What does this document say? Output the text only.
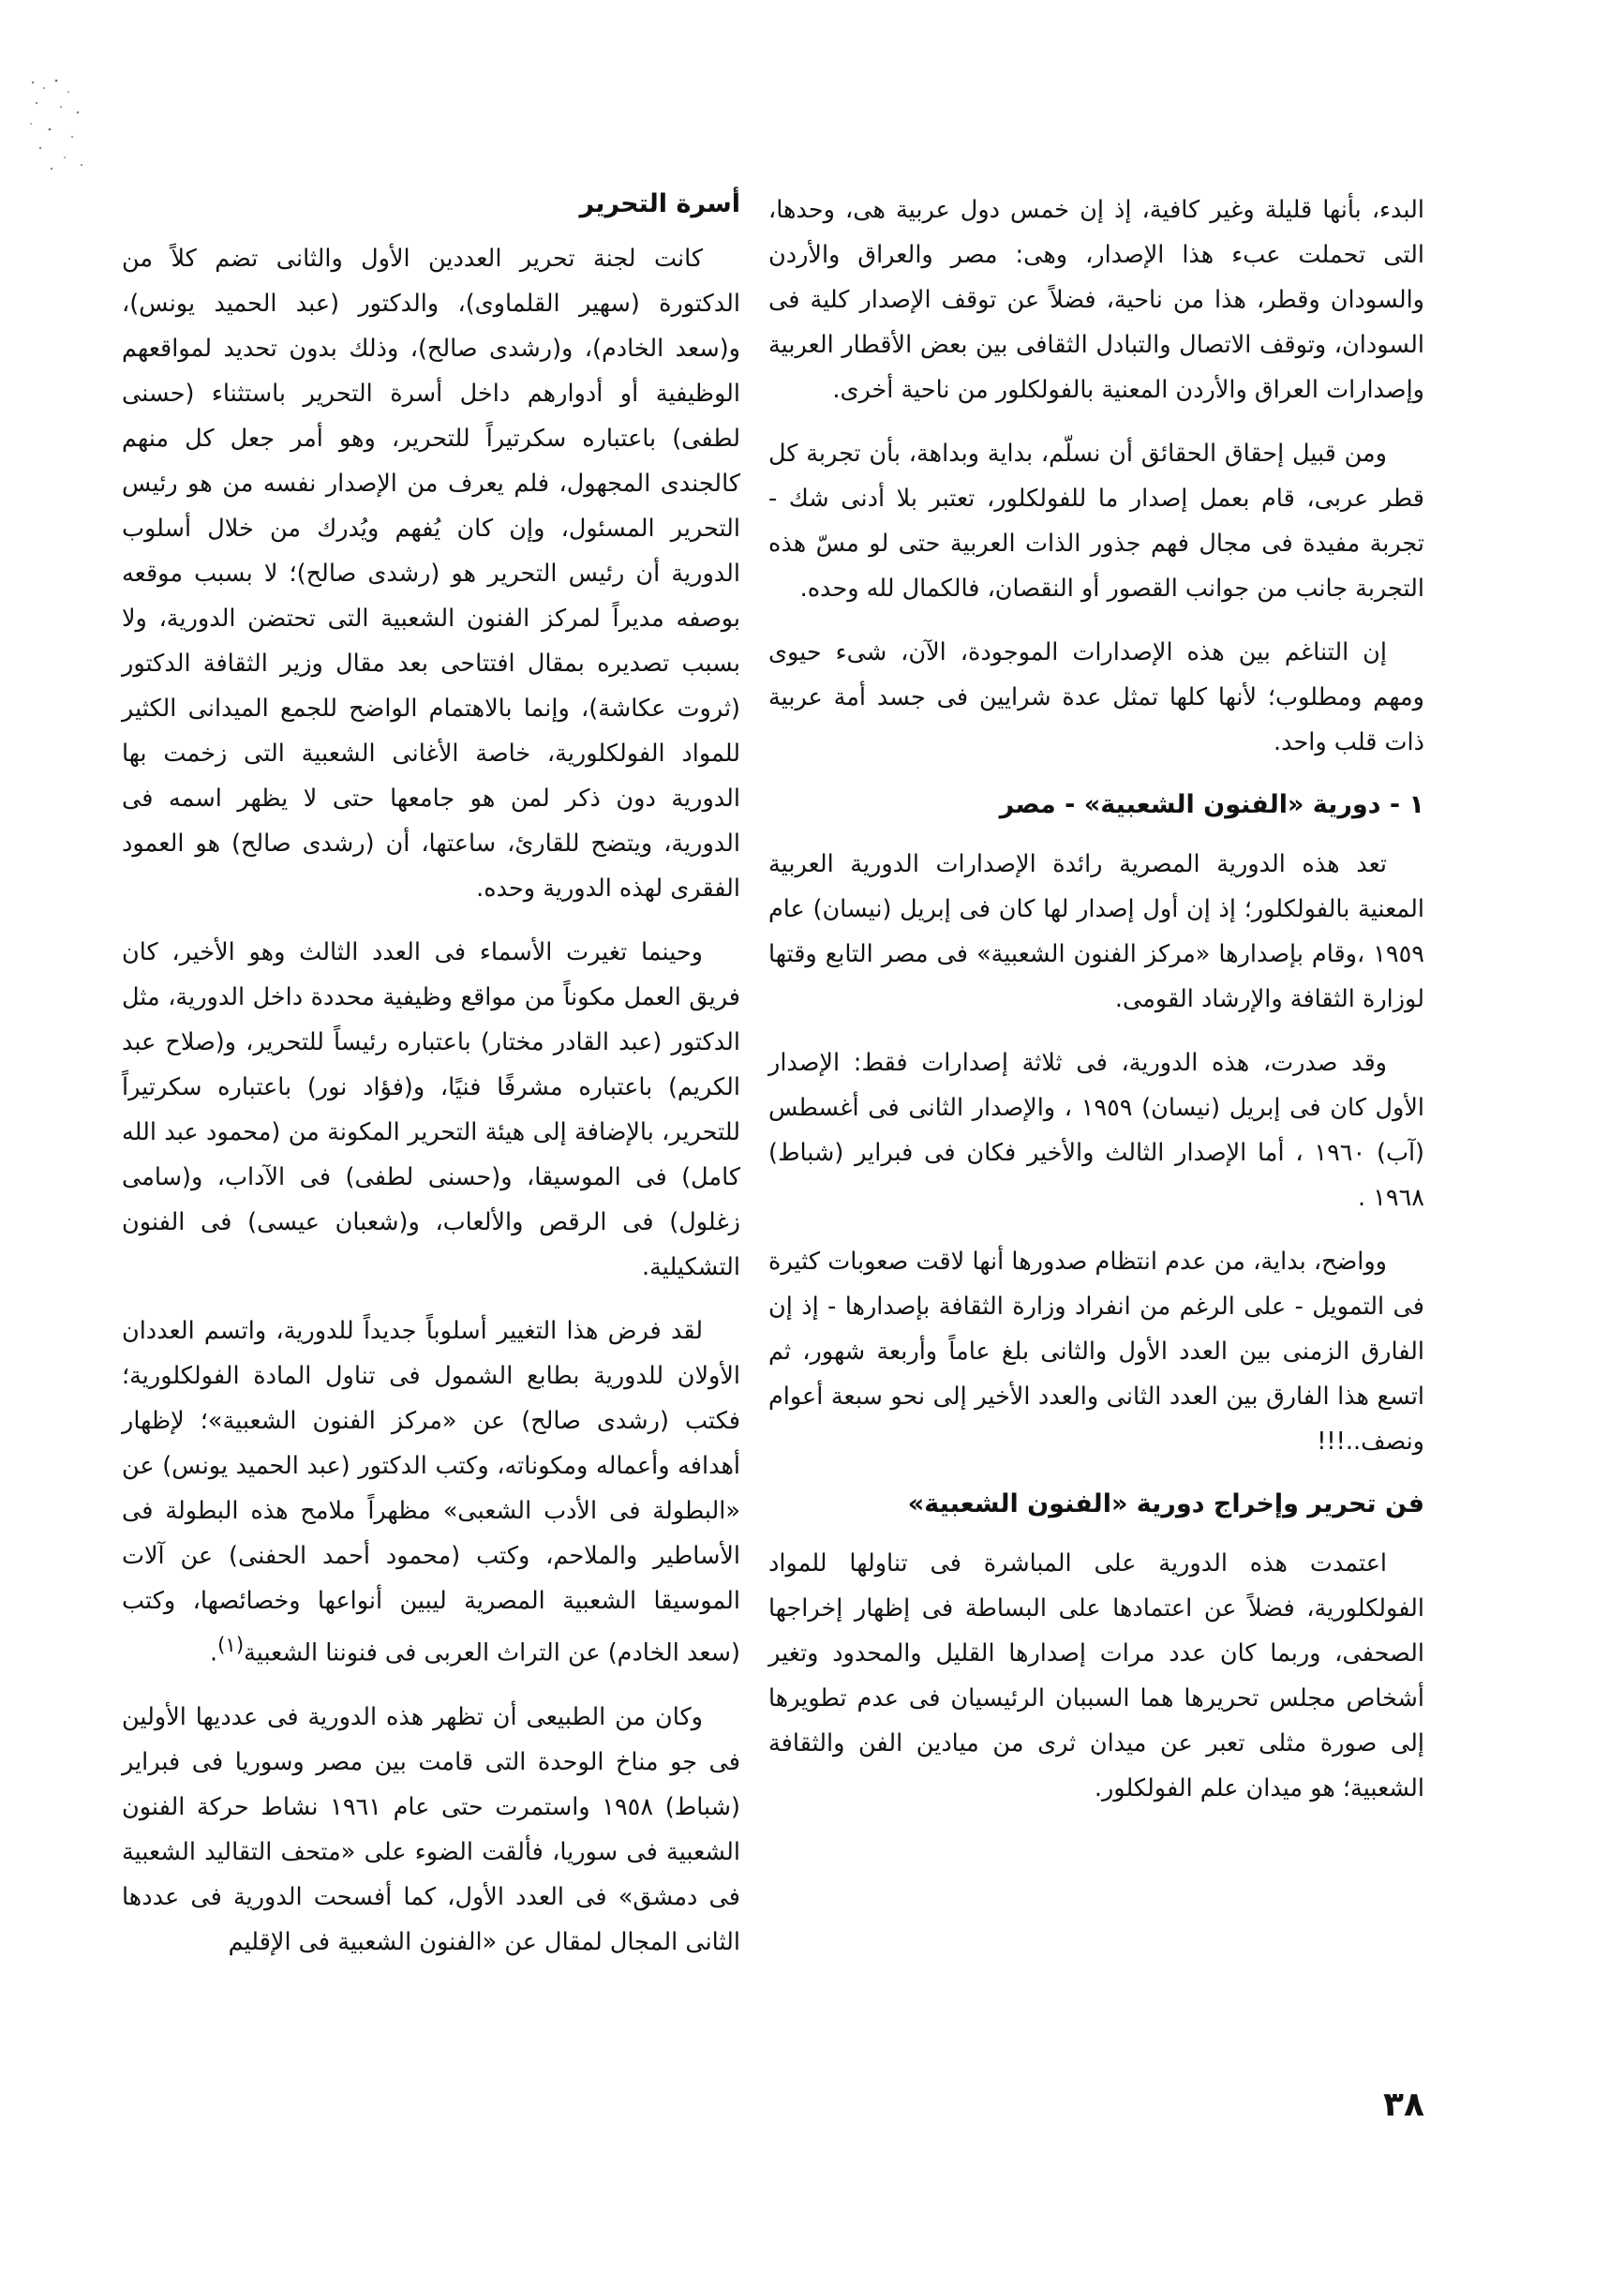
البدء، بأنها قليلة وغير كافية، إذ إن خمس دول عربية هى، وحدها، التى تحملت عبء هذا الإصدار، وهى: مصر والعراق والأردن والسودان وقطر، هذا من ناحية، فضلاً عن توقف الإصدار كلية فى السودان، وتوقف الاتصال والتبادل الثقافى بين بعض الأقطار العربية وإصدارات العراق والأردن المعنية بالفولكلور من ناحية أخرى.

ومن قبيل إحقاق الحقائق أن نسلّم، بداية وبداهة، بأن تجربة كل قطر عربى، قام بعمل إصدار ما للفولكلور، تعتبر بلا أدنى شك - تجربة مفيدة فى مجال فهم جذور الذات العربية حتى لو مسّ هذه التجربة جانب من جوانب القصور أو النقصان، فالكمال لله وحده.

إن التناغم بين هذه الإصدارات الموجودة، الآن، شىء حيوى ومهم ومطلوب؛ لأنها كلها تمثل عدة شرايين فى جسد أمة عربية ذات قلب واحد.

١ - دورية «الفنون الشعبية» - مصر

تعد هذه الدورية المصرية رائدة الإصدارات الدورية العربية المعنية بالفولكلور؛ إذ إن أول إصدار لها كان فى إبريل (نيسان) عام ١٩٥٩ ،وقام بإصدارها «مركز الفنون الشعبية» فى مصر التابع وقتها لوزارة الثقافة والإرشاد القومى.

وقد صدرت، هذه الدورية، فى ثلاثة إصدارات فقط: الإصدار الأول كان فى إبريل (نيسان) ١٩٥٩ ، والإصدار الثانى فى أغسطس (آب) ١٩٦٠ ، أما الإصدار الثالث والأخير فكان فى فبراير (شباط) ١٩٦٨ .

وواضح، بداية، من عدم انتظام صدورها أنها لاقت صعوبات كثيرة فى التمويل - على الرغم من انفراد وزارة الثقافة بإصدارها - إذ إن الفارق الزمنى بين العدد الأول والثانى بلغ عاماً وأربعة شهور، ثم اتسع هذا الفارق بين العدد الثانى والعدد الأخير إلى نحو سبعة أعوام ونصف..!!!

فن تحرير وإخراج دورية «الفنون الشعبية»

اعتمدت هذه الدورية على المباشرة فى تناولها للمواد الفولكلورية، فضلاً عن اعتمادها على البساطة فى إظهار إخراجها الصحفى، وربما كان عدد مرات إصدارها القليل والمحدود وتغير أشخاص مجلس تحريرها هما السببان الرئيسيان فى عدم تطويرها إلى صورة مثلى تعبر عن ميدان ثرى من ميادين الفن والثقافة الشعبية؛ هو ميدان علم الفولكلور.

أسرة التحرير

كانت لجنة تحرير العددين الأول والثانى تضم كلاً من الدكتورة (سهير القلماوى)، والدكتور (عبد الحميد يونس)، و(سعد الخادم)، و(رشدى صالح)، وذلك بدون تحديد لمواقعهم الوظيفية أو أدوارهم داخل أسرة التحرير باستثناء (حسنى لطفى) باعتباره سكرتيراً للتحرير، وهو أمر جعل كل منهم كالجندى المجهول، فلم يعرف من الإصدار نفسه من هو رئيس التحرير المسئول، وإن كان يُفهم ويُدرك من خلال أسلوب الدورية أن رئيس التحرير هو (رشدى صالح)؛ لا بسبب موقعه بوصفه مديراً لمركز الفنون الشعبية التى تحتضن الدورية، ولا بسبب تصديره بمقال افتتاحى بعد مقال وزير الثقافة الدكتور (ثروت عكاشة)، وإنما بالاهتمام الواضح للجمع الميدانى الكثير للمواد الفولكلورية، خاصة الأغانى الشعبية التى زخمت بها الدورية دون ذكر لمن هو جامعها حتى لا يظهر اسمه فى الدورية، ويتضح للقارئ، ساعتها، أن (رشدى صالح) هو العمود الفقرى لهذه الدورية وحده.

وحينما تغيرت الأسماء فى العدد الثالث وهو الأخير، كان فريق العمل مكوناً من مواقع وظيفية محددة داخل الدورية، مثل الدكتور (عبد القادر مختار) باعتباره رئيساً للتحرير، و(صلاح عبد الكريم) باعتباره مشرفًا فنيًا، و(فؤاد نور) باعتباره سكرتيراً للتحرير، بالإضافة إلى هيئة التحرير المكونة من (محمود عبد الله كامل) فى الموسيقا، و(حسنى لطفى) فى الآداب، و(سامى زغلول) فى الرقص والألعاب، و(شعبان عيسى) فى الفنون التشكيلية.

لقد فرض هذا التغيير أسلوباً جديداً للدورية، واتسم العددان الأولان للدورية بطابع الشمول فى تناول المادة الفولكلورية؛ فكتب (رشدى صالح) عن «مركز الفنون الشعبية»؛ لإظهار أهدافه وأعماله ومكوناته، وكتب الدكتور (عبد الحميد يونس) عن «البطولة فى الأدب الشعبى» مظهراً ملامح هذه البطولة فى الأساطير والملاحم، وكتب (محمود أحمد الحفنى) عن آلات الموسيقا الشعبية المصرية ليبين أنواعها وخصائصها، وكتب (سعد الخادم) عن التراث العربى فى فنوننا الشعبية$^{(١)}$.

وكان من الطبيعى أن تظهر هذه الدورية فى عدديها الأولين فى جو مناخ الوحدة التى قامت بين مصر وسوريا فى فبراير (شباط) ١٩٥٨ واستمرت حتى عام ١٩٦١ نشاط حركة الفنون الشعبية فى سوريا، فألقت الضوء على «متحف التقاليد الشعبية فى دمشق» فى العدد الأول، كما أفسحت الدورية فى عددها الثانى المجال لمقال عن «الفنون الشعبية فى الإقليم

٣٨
